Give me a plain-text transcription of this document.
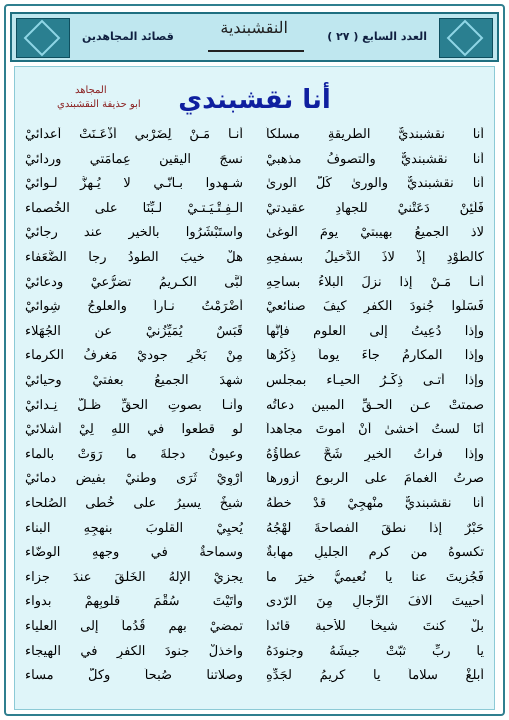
قصائد المجاهدين	النقشبندية	العدد السابع ( ٢٧ )
أنا نقشبندي
المجاهد
ابو حذيفة النقشبندي
أنا نقشبنديٌّ الطريقةِ مسلكاً
أنـا مَـنْ لِضَرْبي أذْعَـنَتْ أعدائيْ
أنا نقشبنديٌّ والتصوفُ مذهبيْ
نسجَ اليقين عِمامَتي وردائيْ
أنا نقشبنديٌّ والورىٰ كُلُّ الورىٰ
شـهدوا بـأنّـي لا يُـهزُّ لـوائيْ
فَلَئِنْ دَعَتْنيْ للجهادِ عقيدتيْ
الْـفِـتْـيَـتـيْ لـبِّنَا على الخُصماء
لاذ الجميعُ بهيبتيْ يومَ الوغىٰ
واستَبْشَرُوا بالخير عند رجائيْ
كالطَّوْدِ إذْ لاذَ الدَّخيلُ بسفحِهِ
هلْ خيبَ الطودُ رجا الضُّعَفاء
أنـا مَـنْ إذا نزلَ البلاءُ بساحِهِ
لَبَّى الكـريمُ تضرُّعيْ ودعائيْ
فَسَلُوا جُنودَ الكفرِ كيفَ صنائعيْ
أضْرَمْتُ نـاراً والعلوجُ شِوائيْ
وإذا دُعِيتُ إلى العلومِ فإنَّها
قَبَسٌ يُمَيِّزُنيْ عن الجُهَلاء
وإذا المكارمُ جاءَ يوماً ذِكْرُها
مِنْ بَحْرِ جوديْ مَغرفُ الكرماء
وإذا أتـى ذِكْـرُ الحيـاء بمجلس
شهدَ الجميعُ بعفتيْ وحيائيْ
صمتتْ عـن الحـقِّ المبين دعاتُه
وأنـا بصوتِ الحقِّ ظـلَّ نِـدائيْ
أنَا لستُ أخشىٰ أنْ أموتَ مجاهداً
لو قطّعوا في اللهِ لِيْ أشلائيْ
وإذا فراتُ الخيرِ شَحَّ عطاؤُهُ
وعيونُ دجلةَ ما رَوَتْ بالماء
صرتُ الغمامَ على الربوعِ أزورها
أرْوِيْ ثَرَى وطنيْ بفيضِ دمائيْ
أنا نقشبنديٌّ منْهجِيْ قدْ خطَّهُ
شيخٌ يسيرُ على خُطى الصُلحاء
حَبْرٌ إذا نطقَ الفصاحةَ لهْجُهُ
يُحيِيْ القلوبَ بنهجِهِ البناء
تكسوهُ من كرمِ الجليلِ مهابةٌ
وسماحةٌ في وجهِهِ الوضّاء
فَجُزيتَ عنا يا نُعيميُّ خيرَ ما
يجزيْ الإلهُ الخَلْقَ عندَ جزاء
أحييتَ آلافَ الرِّجالِ مِنَ الرّدى
وأتَيْتَ سُقْمَ قلوبِهِمْ بدواء
بلْ كنتَ شيخاً للأحبة قائداً
تمضيْ بهم قُدُماً إلى العلياء
يا ربِّ ثبّتْ جيشَهُ وجنودَهُ
واخذلْ جنودَ الكفرِ في الهيجاء
أبلغْ سلاماً يا كريمُ لجَدِّهِ
وصلاتنا صُبحاً وكلَّ مساء
